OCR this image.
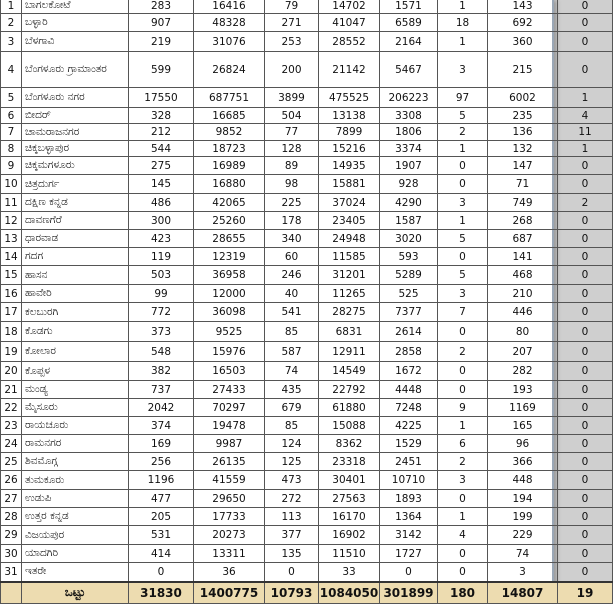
1	ಬಾಗಲಕೋಟೆ	283	16416	79	14702	1571	1	143	0
2	ಬಳ್ಳಾರಿ	907	48328	271	41047	6589	18	692	0
3	ಬೆಳಗಾವಿ	219	31076	253	28552	2164	1	360	0
4	ಬೆಂಗಳೂರು ಗ್ರಾಮಾಂತರ	599	26824	200	21142	5467	3	215	0
5	ಬೆಂಗಳೂರು ನಗರ	17550	687751	3899	475525	206223	97	6002	1
6	ಬೀದರ್	328	16685	504	13138	3308	5	235	4
7	ಚಾಮರಾಜನಗರ	212	9852	77	7899	1806	2	136	11
8	ಚಿಕ್ಕಬಳ್ಳಾಪುರ	544	18723	128	15216	3374	1	132	1
9	ಚಿಕ್ಕಮಗಳೂರು	275	16989	89	14935	1907	0	147	0
10	ಚಿತ್ರದುರ್ಗ	145	16880	98	15881	928	0	71	0
11	ದಕ್ಷಿಣ ಕನ್ನಡ	486	42065	225	37024	4290	3	749	2
12	ದಾವಣಗೆರೆ	300	25260	178	23405	1587	1	268	0
13	ಧಾರವಾಡ	423	28655	340	24948	3020	5	687	0
14	ಗದಗ	119	12319	60	11585	593	0	141	0
15	ಹಾಸನ	503	36958	246	31201	5289	5	468	0
16	ಹಾವೇರಿ	99	12000	40	11265	525	3	210	0
17	ಕಲಬುರಗಿ	772	36098	541	28275	7377	7	446	0
18	ಕೊಡಗು	373	9525	85	6831	2614	0	80	0
19	ಕೋಲಾರ	548	15976	587	12911	2858	2	207	0
20	ಕೊಪ್ಪಳ	382	16503	74	14549	1672	0	282	0
21	ಮಂಡ್ಯ	737	27433	435	22792	4448	0	193	0
22	ಮೈಸೂರು	2042	70297	679	61880	7248	9	1169	0
23	ರಾಯಚೂರು	374	19478	85	15088	4225	1	165	0
24	ರಾಮನಗರ	169	9987	124	8362	1529	6	96	0
25	ಶಿವಮೊಗ್ಗ	256	26135	125	23318	2451	2	366	0
26	ತುಮಕೂರು	1196	41559	473	30401	10710	3	448	0
27	ಉಡುಪಿ	477	29650	272	27563	1893	0	194	0
28	ಉತ್ತರ ಕನ್ನಡ	205	17733	113	16170	1364	1	199	0
29	ವಿಜಯಪುರ	531	20273	377	16902	3142	4	229	0
30	ಯಾದಗಿರಿ	414	13311	135	11510	1727	0	74	0
31	ಇತರೇ	0	36	0	33	0	0	3	0
	ಒಟ್ಟು	31830	1400775	10793	1084050	301899	180	14807	19
